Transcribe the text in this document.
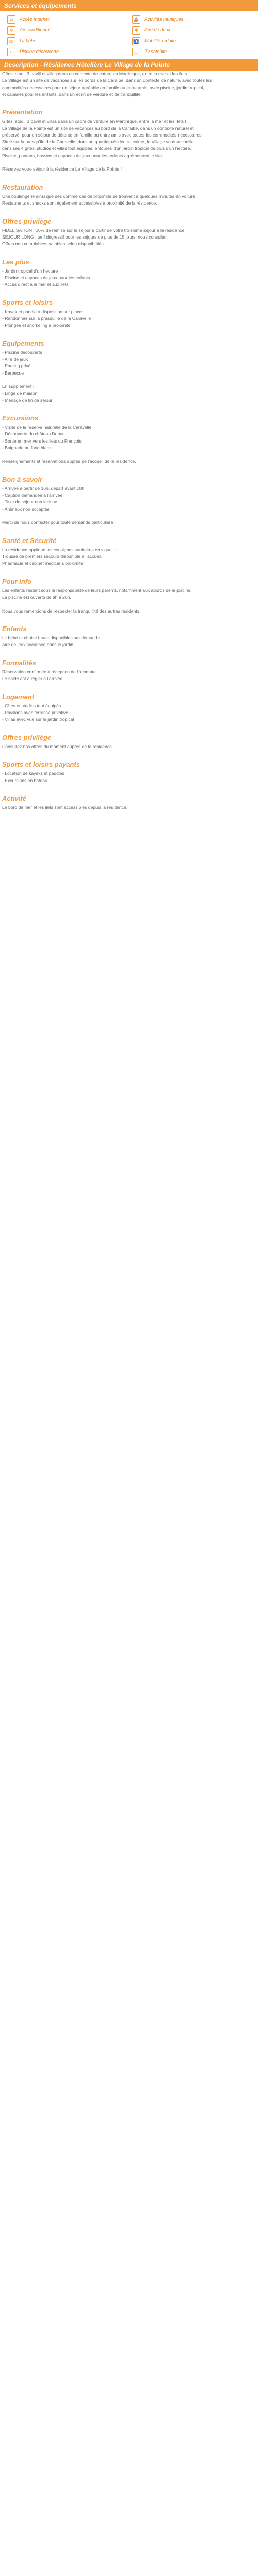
Services et équipements
≋	Accès Internet	⛵ Activités nautiques
❄	Air conditionné	✱	Aire de Jeux
▤	Lit bébé	♿ Mobilité réduite
≈	Piscine découverte	▭	Tv satellite
Description - Résidence Hôtelière Le Village de la Pointe
Gîtes, studi, 3 pavill et villas dans un contexte de nature en Martinique, entre la mer et les ilets.
Le Village est un site de vacances sur les bords de la Caraïbe, dans un contexte de nature, avec toutes les
commodités nécessaires pour un séjour agréable en famille ou entre amis, avec piscine, jardin tropical,
et cabanes pour les enfants, dans un écrin de verdure et de tranquillité.
Présentation
Gîtes, studi, 3 pavill et villas dans un cadre de verdure en Martinique, entre la mer et les ilets !
Le Village de la Pointe est un site de vacances au bord de la Caraïbe, dans un contexte naturel et
préservé, pour un séjour de détente en famille ou entre amis avec toutes les commodités nécessaires.
Situé sur la presqu'île de la Caravelle, dans un quartier résidentiel calme, le Village vous accueille
dans ses 4 gîtes, studios et villas tout équipés, entourés d'un jardin tropical de plus d'un hectare.
Piscine, pontons, bassins et espaces de jeux pour les enfants agrémentent le site.
Réservez votre séjour à la résidence Le Village de la Pointe !
Restauration
Une boulangerie ainsi que des commerces de proximité se trouvent à quelques minutes en voiture.
Restaurants et snacks sont également accessibles à proximité de la résidence.
Offres privilège
FIDELISATION : 10% de remise sur le séjour à partir de votre troisième séjour à la résidence.
SEJOUR LONG : tarif dégressif pour les séjours de plus de 15 jours, nous consulter.
Offres non cumulables, valables selon disponibilités.
Les plus
- Jardin tropical d'un hectare
- Piscine et espaces de jeux pour les enfants
- Accès direct à la mer et aux ilets
Sports et loisirs
- Kayak et paddle à disposition sur place
- Randonnée sur la presqu'île de la Caravelle
- Plongée et snorkeling à proximité
Equipements
- Piscine découverte
- Aire de jeux
- Parking privé
- Barbecue
En supplément :
- Linge de maison
- Ménage de fin de séjour
Excursions
- Visite de la réserve naturelle de la Caravelle
- Découverte du château Dubuc
- Sortie en mer vers les ilets du François
- Baignade au fond blanc
Renseignements et réservations auprès de l'accueil de la résidence.
Bon à savoir
- Arrivée à partir de 16h, départ avant 10h
- Caution demandée à l'arrivée
- Taxe de séjour non incluse
- Animaux non acceptés
Merci de nous contacter pour toute demande particulière.
Santé et Sécurité
La résidence applique les consignes sanitaires en vigueur.
Trousse de premiers secours disponible à l'accueil.
Pharmacie et cabinet médical à proximité.
Pour info
Les enfants restent sous la responsabilité de leurs parents, notamment aux abords de la piscine.
La piscine est ouverte de 8h à 20h.
Nous vous remercions de respecter la tranquillité des autres résidents.
Enfants
Lit bébé et chaise haute disponibles sur demande.
Aire de jeux sécurisée dans le jardin.
Formalités
Réservation confirmée à réception de l'acompte.
Le solde est à régler à l'arrivée.
Logement
- Gîtes et studios tout équipés
- Pavillons avec terrasse privative
- Villas avec vue sur le jardin tropical
Offres privilège
Consultez nos offres du moment auprès de la résidence.
Sports et loisirs payants
- Location de kayaks et paddles
- Excursions en bateau
Activité
Le bord de mer et les ilets sont accessibles depuis la résidence.
